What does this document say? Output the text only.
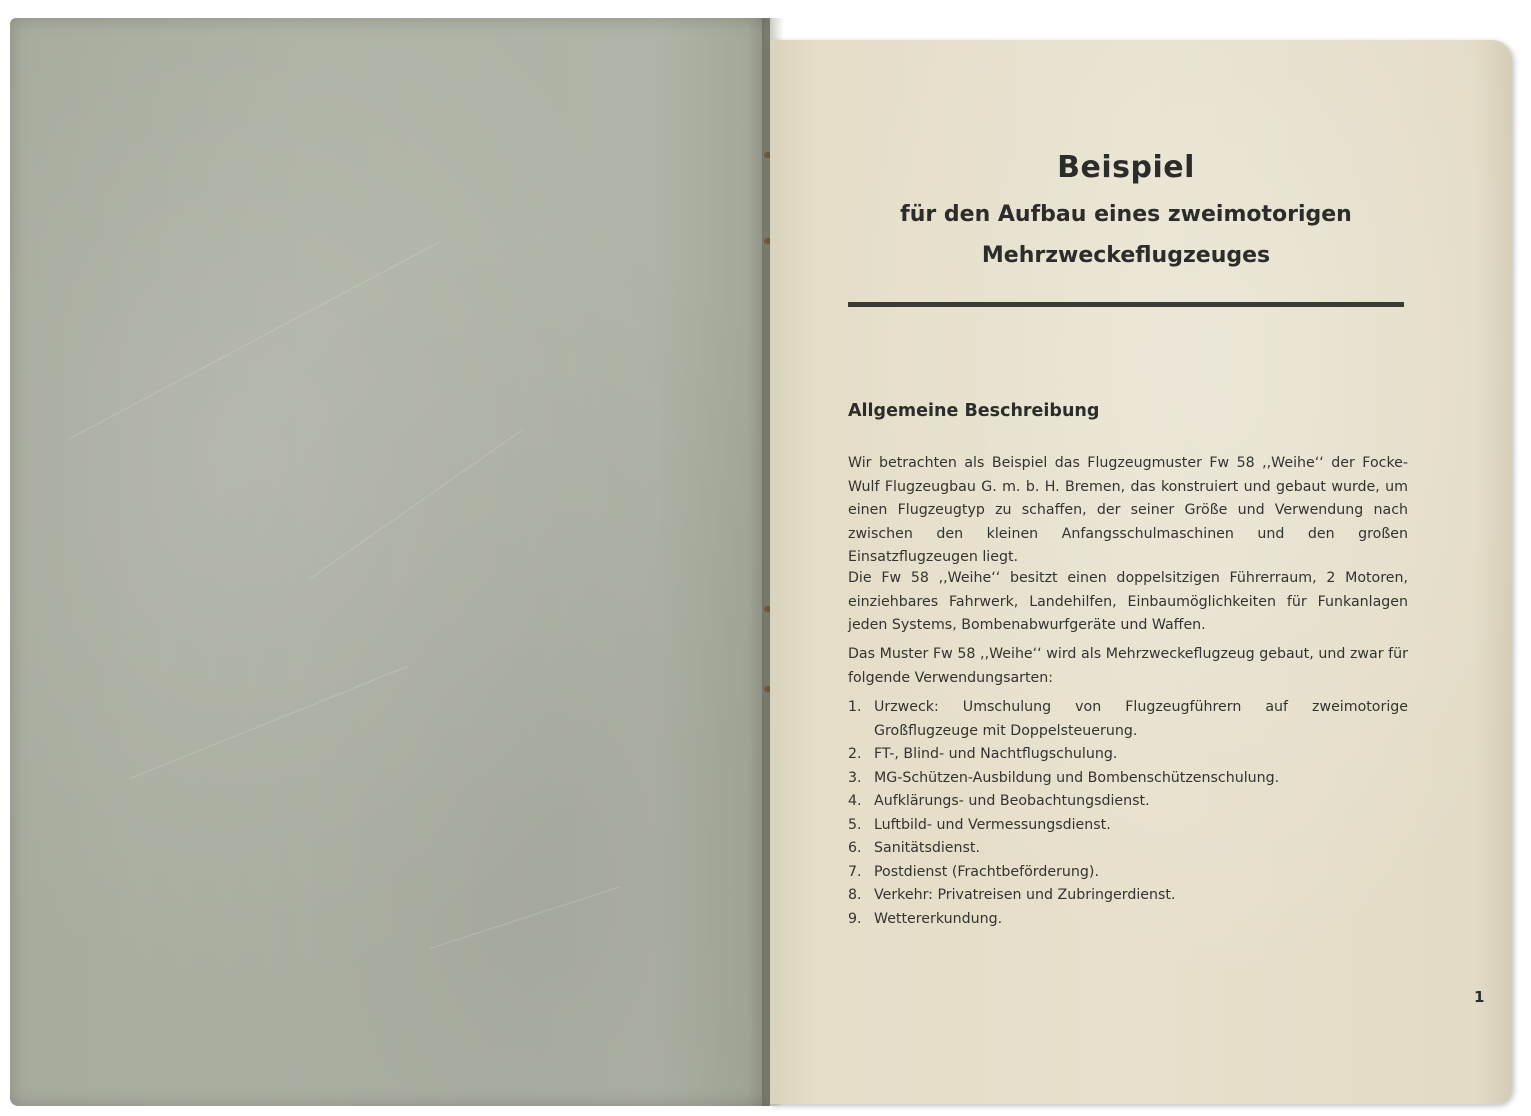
Beispiel
für den Aufbau eines zweimotorigen
Mehrzweckeflugzeuges
Allgemeine Beschreibung

Wir betrachten als Beispiel das Flugzeugmuster Fw 58 ,,Weihe‘‘ der Focke-Wulf Flugzeugbau G. m. b. H. Bremen, das konstruiert und gebaut wurde, um einen Flugzeugtyp zu schaffen, der seiner Größe und Verwendung nach zwischen den kleinen Anfangsschulmaschinen und den großen Einsatzflugzeugen liegt.

Die Fw 58 ,,Weihe‘‘ besitzt einen doppelsitzigen Führerraum, 2 Motoren, einziehbares Fahrwerk, Landehilfen, Einbaumöglichkeiten für Funkanlagen jeden Systems, Bombenabwurfgeräte und Waffen.

Das Muster Fw 58 ,,Weihe‘‘ wird als Mehrzweckeflugzeug gebaut, und zwar für folgende Verwendungsarten:

1. Urzweck: Umschulung von Flugzeugführern auf zweimotorige Großflugzeuge mit Doppelsteuerung.
2. FT-, Blind- und Nachtflugschulung.
3. MG-Schützen-Ausbildung und Bombenschützenschulung.
4. Aufklärungs- und Beobachtungsdienst.
5. Luftbild- und Vermessungsdienst.
6. Sanitätsdienst.
7. Postdienst (Frachtbeförderung).
8. Verkehr: Privatreisen und Zubringerdienst.
9. Wettererkundung.
1
